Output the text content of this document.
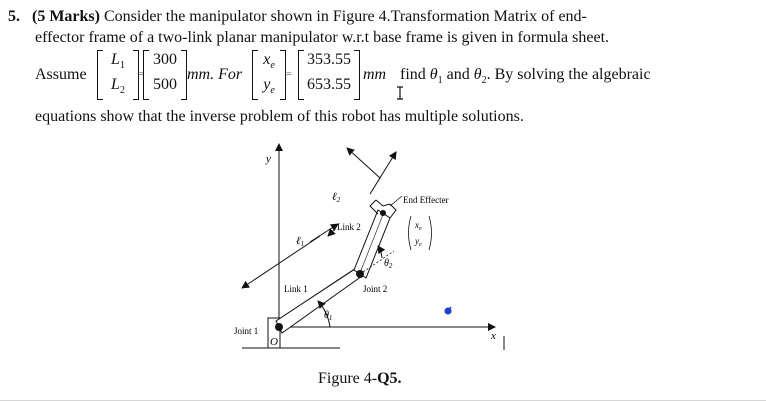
5. (5 Marks) Consider the manipulator shown in Figure 4.Transformation Matrix of end-
effector frame of a two-link planar manipulator w.r.t base frame is given in formula sheet.
Assume
$L_1$
$L_2$
=
300
500
mm. For
$x_e$
$y_e$
=
353.55
653.55
mm find $\theta_1$ and $\theta_2$. By solving the algebraic
equations show that the inverse problem of this robot has multiple solutions.
y
x
O
ℓ1
ℓ2
Link 1
Link 2
Joint 1
Joint 2
$\theta_1$
$\theta_2$
End Effecter
$x_e$
$y_e$
Figure 4-Q5.
